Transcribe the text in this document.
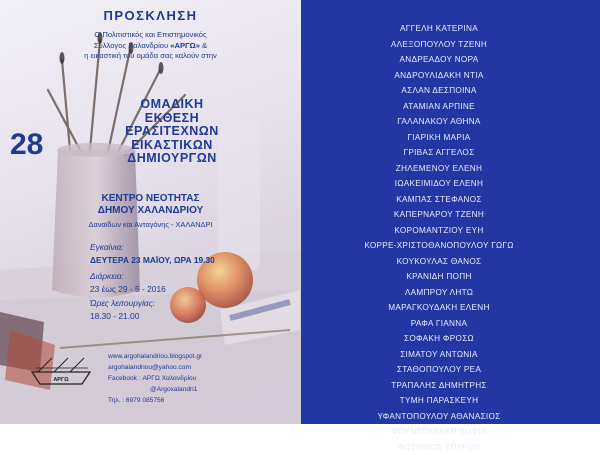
ΑΡΓΩ
ΠΡΟΣΚΛΗΣΗ
Ο Πολιτιστικός και Επιστημονικός
Σύλλογος Χαλανδρίου «ΑΡΓΩ» &
η εικαστική του ομάδα σας καλούν στην
28
ΟΜΑΔΙΚΗ
ΕΚΘΕΣΗ
ΕΡΑΣΙΤΕΧΝΩΝ
ΕΙΚΑΣΤΙΚΩΝ
ΔΗΜΙΟΥΡΓΩΝ
ΚΕΝΤΡΟ ΝΕΟΤΗΤΑΣ
ΔΗΜΟΥ ΧΑΛΑΝΔΡΙΟΥ
Δαναϊδων και Ανταγόνης - ΧΑΛΑΝΔΡΙ
Εγκαίνια:
ΔΕΥΤΕΡΑ 23 ΜΑΪΟΥ, ΩΡΑ 19.30
Διάρκεια:
23 έως 29 - 5 - 2016
Ώρες λειτουργίας:
18.30 - 21.00
www.argohalandriou.blogspot.gr
argohalandriou@yahoo.com
Facebook : ΑΡΓΩ Χαλανδρίου
@Argoxalandri1
Τηλ. : 6979 085756
ΑΓΓΕΛΗ ΚΑΤΕΡΙΝΑ
ΑΛΕΞΟΠΟΥΛΟΥ ΤΖΕΝΗ
ΑΝΔΡΕΑΔΟΥ ΝΟΡΑ
ΑΝΔΡΟΥΛΙΔΑΚΗ ΝΤΙΑ
ΑΣΛΑΝ ΔΕΣΠΟΙΝΑ
ΑΤΑΜΙΑΝ ΑΡΠΙΝΕ
ΓΑΛΑΝΑΚΟΥ ΑΘΗΝΑ
ΓΙΑΡΙΚΗ ΜΑΡΙΑ
ΓΡΙΒΑΣ ΑΓΓΕΛΟΣ
ΖΗΛΕΜΕΝΟΥ ΕΛΕΝΗ
ΙΩΑΚΕΙΜΙΔΟΥ ΕΛΕΝΗ
ΚΑΜΠΑΣ ΣΤΕΦΑΝΟΣ
ΚΑΠΕΡΝΑΡΟΥ ΤΖΕΝΗ
ΚΟΡΟΜΑΝΤΖΙΟΥ ΕΥΗ
ΚΟΡΡΕ-ΧΡΙΣΤΟΘΑΝΟΠΟΥΛΟΥ ΓΩΓΩ
ΚΟΥΚΟΥΛΑΣ ΘΑΝΟΣ
ΚΡΑΝΙΔΗ ΠΟΠΗ
ΛΑΜΠΡΟΥ ΛΗΤΩ
ΜΑΡΑΓΚΟΥΔΑΚΗ ΕΛΕΝΗ
ΡΑΦΑ ΓΙΑΝΝΑ
ΣΟΦΑΚΗ ΦΡΟΣΩ
ΣΙΜΑΤΟΥ ΑΝΤΩΝΙΑ
ΣΤΑΘΟΠΟΥΛΟΥ ΡΕΑ
ΤΡΑΠΑΛΗΣ ΔΗΜΗΤΡΗΣ
ΤΥΜΗ ΠΑΡΑΣΚΕΥΗ
ΥΦΑΝΤΟΠΟΥΛΟΥ ΑΘΑΝΑΣΙΟΣ
ΦΟΥΝΤΟΥΛΑΚΗ ΣΟΦΙΑ
ΦΩΤΕΙΝΟΣ ΣΠΥΡΟΣ
